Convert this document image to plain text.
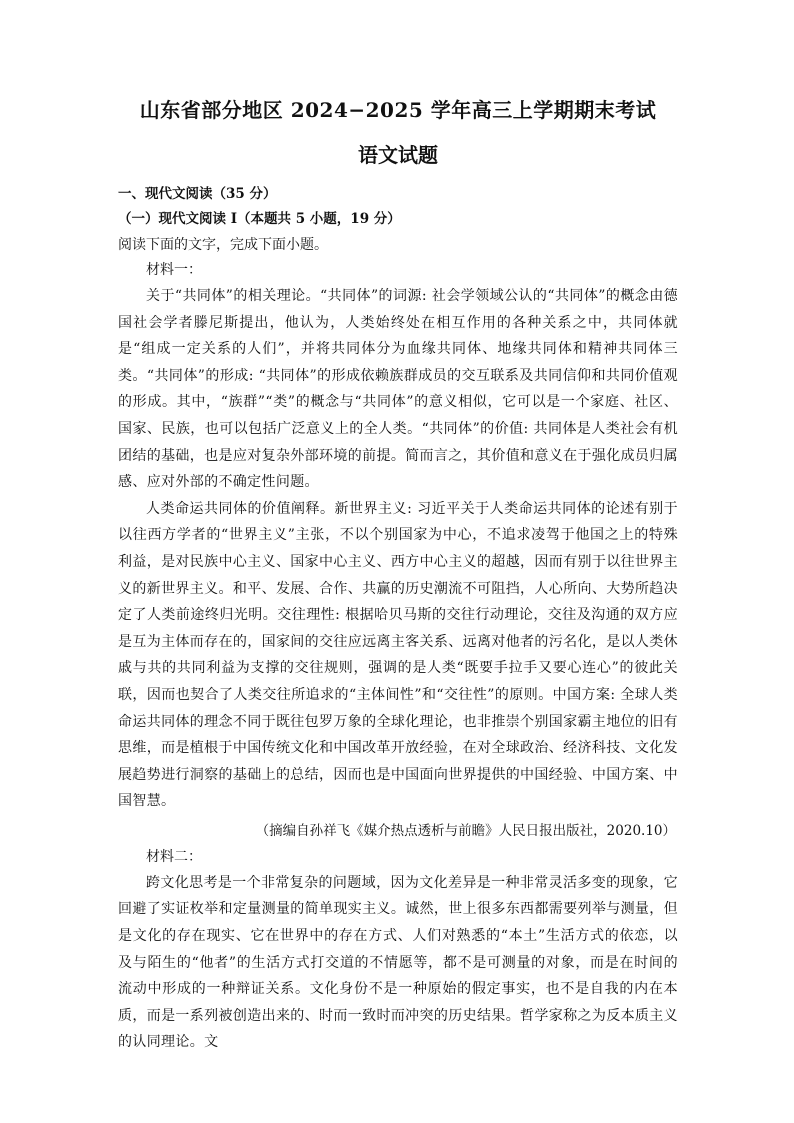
山东省部分地区 2024−2025 学年高三上学期期末考试
语文试题
一、现代文阅读（35 分）
（一）现代文阅读 I（本题共 5 小题，19 分）
阅读下面的文字，完成下面小题。
材料一：

关于“共同体”的相关理论。“共同体”的词源: 社会学领域公认的“共同体”的概念由德国社会学者滕尼斯提出，他认为，人类始终处在相互作用的各种关系之中，共同体就是“组成一定关系的人们”，并将共同体分为血缘共同体、地缘共同体和精神共同体三类。“共同体”的形成: “共同体”的形成依赖族群成员的交互联系及共同信仰和共同价值观的形成。其中，“族群”“类”的概念与“共同体”的意义相似，它可以是一个家庭、社区、国家、民族，也可以包括广泛意义上的全人类。“共同体”的价值: 共同体是人类社会有机团结的基础，也是应对复杂外部环境的前提。简而言之，其价值和意义在于强化成员归属感、应对外部的不确定性问题。

人类命运共同体的价值阐释。新世界主义: 习近平关于人类命运共同体的论述有别于以往西方学者的“世界主义”主张，不以个别国家为中心，不追求凌驾于他国之上的特殊利益，是对民族中心主义、国家中心主义、西方中心主义的超越，因而有别于以往世界主义的新世界主义。和平、发展、合作、共赢的历史潮流不可阻挡，人心所向、大势所趋决定了人类前途终归光明。交往理性: 根据哈贝马斯的交往行动理论，交往及沟通的双方应是互为主体而存在的，国家间的交往应远离主客关系、远离对他者的污名化，是以人类休戚与共的共同利益为支撑的交往规则，强调的是人类“既要手拉手又要心连心”的彼此关联，因而也契合了人类交往所追求的“主体间性”和“交往性”的原则。中国方案: 全球人类命运共同体的理念不同于既往包罗万象的全球化理论，也非推崇个别国家霸主地位的旧有思维，而是植根于中国传统文化和中国改革开放经验，在对全球政治、经济科技、文化发展趋势进行洞察的基础上的总结，因而也是中国面向世界提供的中国经验、中国方案、中国智慧。

（摘编自孙祥飞《媒介热点透析与前瞻》人民日报出版社，2020.10）
材料二：

跨文化思考是一个非常复杂的问题域，因为文化差异是一种非常灵活多变的现象，它回避了实证枚举和定量测量的简单现实主义。诚然，世上很多东西都需要列举与测量，但是文化的存在现实、它在世界中的存在方式、人们对熟悉的“本土”生活方式的依恋，以及与陌生的“他者”的生活方式打交道的不情愿等，都不是可测量的对象，而是在时间的流动中形成的一种辩证关系。文化身份不是一种原始的假定事实，也不是自我的内在本质，而是一系列被创造出来的、时而一致时而冲突的历史结果。哲学家称之为反本质主义的认同理论。文
